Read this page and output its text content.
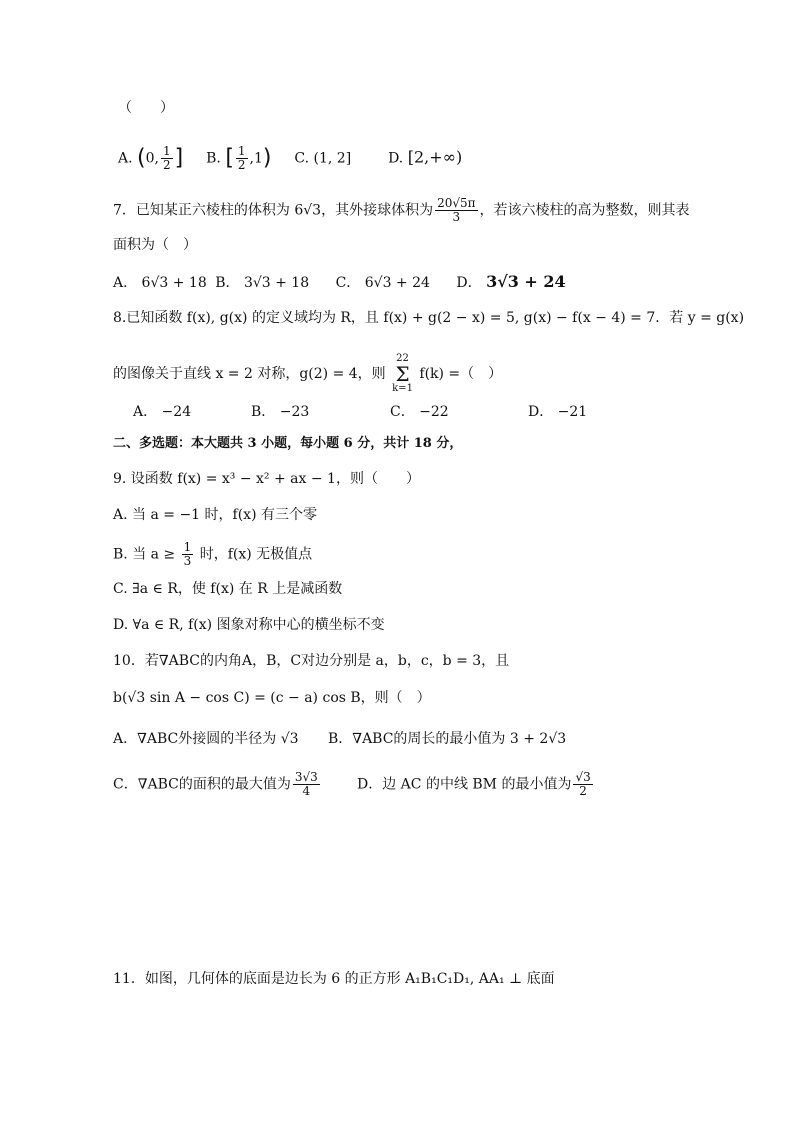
（　　）
A. (0, $\frac{1}{2}$ ] B. [ $\frac{1}{2} ,1$) C. (1, 2]	D. [2,+∞)
7．已知某正六棱柱的体积为 6√3，其外接球体积为 $\frac{20√5\pi}{3}$ ，若该六棱柱的高为整数，则其表
面积为（　）
A． 6√3 + 18 B． 3√3 + 18 C． 6√3 + 24 D． 3√3 + 24
8.已知函数 f(x), g(x) 的定义域均为 R，且 f(x) + g(2 − x) = 5, g(x) − f(x − 4) = 7．若 y = g(x)
的图像关于直线 x = 2 对称，g(2) = 4，则
22
Σ
k=1
f(k) =（　）
A． −24	B． −23	C． −22	D． −21
二、多选题：本大题共 3 小题，每小题 6 分，共计 18 分，
9. 设函数 f(x) = x³ − x² + ax − 1，则（　　）
A. 当 a = −1 时，f(x) 有三个零
B. 当 $a \ge \frac{1}{3}$ 时，f(x) 无极值点
C. ∃a ∈ R，使 f(x) 在 R 上是减函数
D. ∀a ∈ R, f(x) 图象对称中心的横坐标不变
10．若∇ABC的内角A，B，C对边分别是 a，b，c，b = 3，且
b(√3 sin A − cos C) = (c − a) cos B，则（　）
A．∇ABC外接圆的半径为 √3 B．∇ABC的周长的最小值为 3 + 2√3
C．∇ABC的面积的最大值为 $\frac{3√3}{4}$	D．边 AC 的中线 BM 的最小值为 $\frac{√3}{2}$
11．如图，几何体的底面是边长为 6 的正方形 A₁B₁C₁D₁, AA₁ ⊥ 底面
